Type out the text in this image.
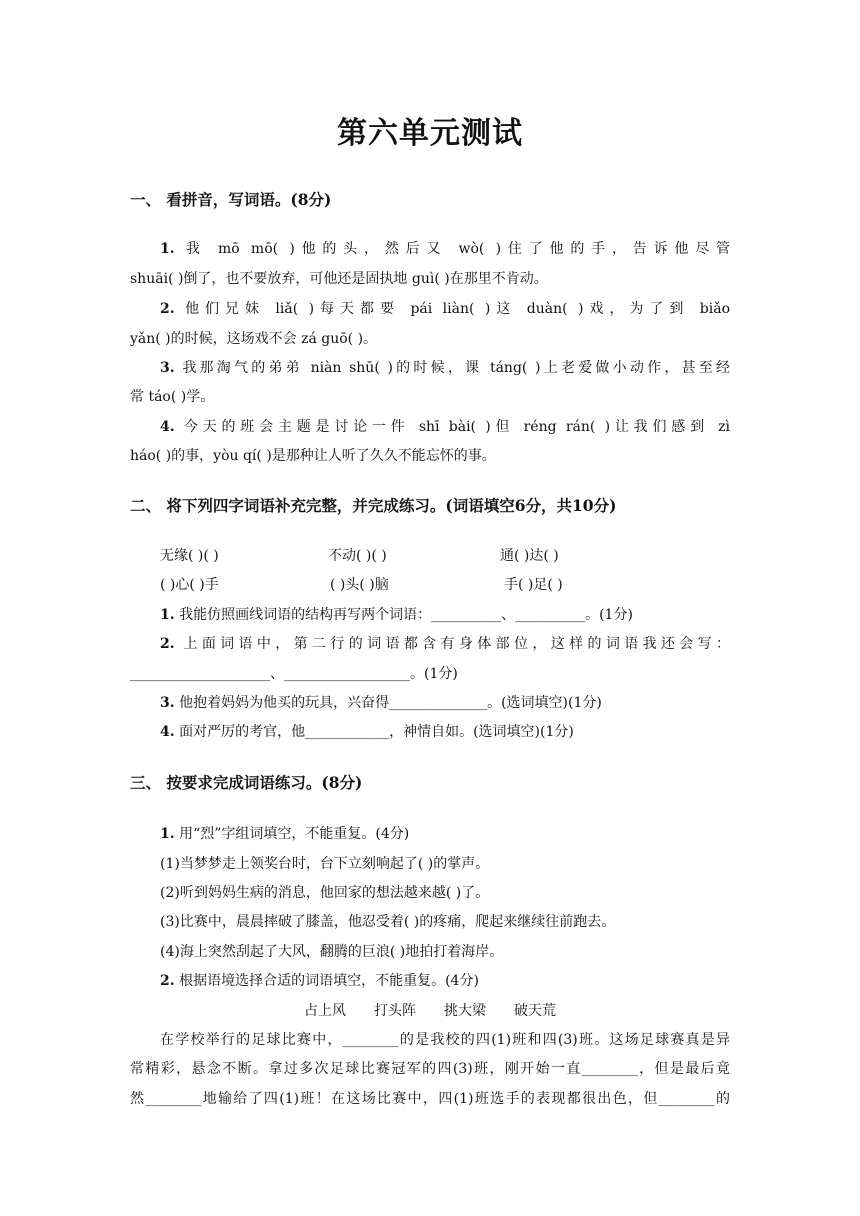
第六单元测试
一、 看拼音，写词语。(8分)
1. 我 mō mō( )他的头，然后又 wò( )住了他的手，告诉他尽管
shuāi( )倒了，也不要放弃，可他还是固执地 guì( )在那里不肯动。
2. 他们兄妹 liǎ( )每天都要 pái liàn( )这 duàn( )戏，为了到 biǎo
yǎn( )的时候，这场戏不会 zá guō( )。
3. 我那淘气的弟弟 niàn shū( )的时候，课 táng( )上老爱做小动作，甚至经
常 táo( )学。
4. 今天的班会主题是讨论一件 shī bài( )但 réng rán( )让我们感到 zì
háo( )的事，yòu qí( )是那种让人听了久久不能忘怀的事。
二、 将下列四字词语补充完整，并完成练习。(词语填空6分，共10分)
无缘( )( )	不动( )( )	通( )达( )
( )心( )手	( )头( )脑	手( )足( )
1. 我能仿照画线词语的结构再写两个词语：__________、__________。(1分)
2. 上面词语中，第二行的词语都含有身体部位，这样的词语我还会写：
____________________、__________________。(1分)
3. 他抱着妈妈为他买的玩具，兴奋得______________。(选词填空)(1分)
4. 面对严厉的考官，他____________，神情自如。(选词填空)(1分)
三、 按要求完成词语练习。(8分)
1. 用“烈”字组词填空，不能重复。(4分)
(1)当梦梦走上领奖台时，台下立刻响起了( )的掌声。
(2)听到妈妈生病的消息，他回家的想法越来越( )了。
(3)比赛中，晨晨摔破了膝盖，他忍受着( )的疼痛，爬起来继续往前跑去。
(4)海上突然刮起了大风，翻腾的巨浪( )地拍打着海岸。
2. 根据语境选择合适的词语填空，不能重复。(4分)
占上风 打头阵 挑大梁 破天荒
在学校举行的足球比赛中，________的是我校的四(1)班和四(3)班。这场足球赛真是异
常精彩，悬念不断。拿过多次足球比赛冠军的四(3)班，刚开始一直________，但是最后竟
然________地输给了四(1)班！在这场比赛中，四(1)班选手的表现都很出色，但________的
